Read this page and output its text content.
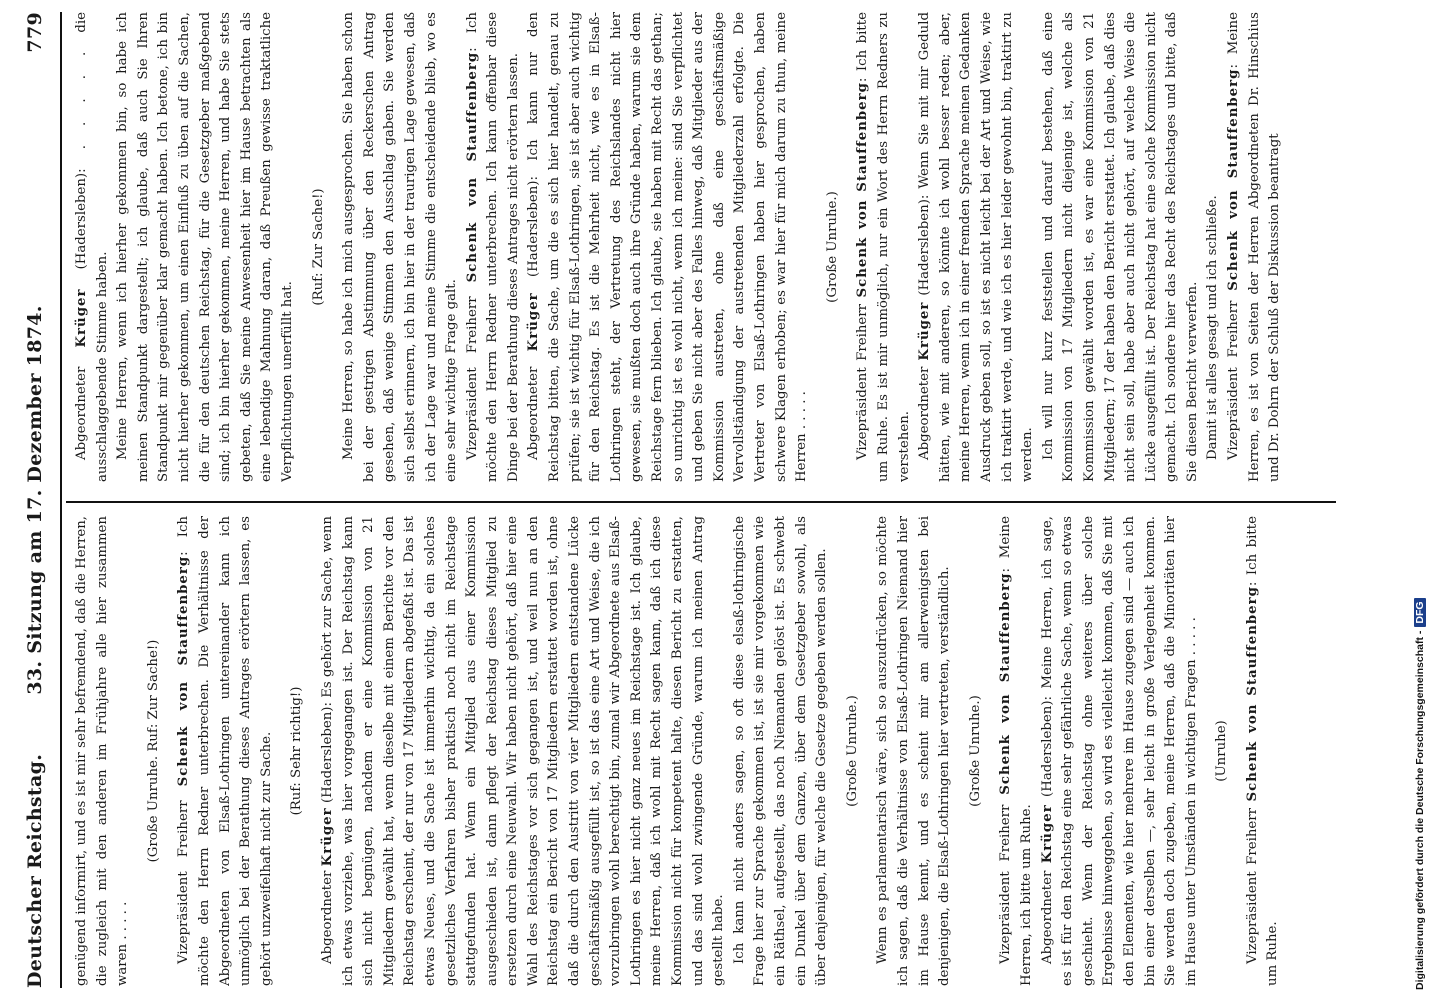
Deutscher Reichstag.
33. Sitzung am 17. Dezember 1874.
779

genügend informirt, und es ist mir sehr befremdend, daß die Herren, die zugleich mit den anderen im Frühjahre alle hier zusammen waren . . . . .

(Große Unruhe. Ruf: Zur Sache!)

Vizepräsident Freiherr Schenk von Stauffenberg: Ich möchte den Herrn Redner unterbrechen. Die Verhältnisse der Abgeordneten von Elsaß-Lothringen untereinander kann ich unmöglich bei der Berathung dieses Antrages erörtern lassen, es gehört unzweifelhaft nicht zur Sache. (Ruf: Sehr richtig!)

Abgeordneter Krüger (Hadersleben): Es gehört zur Sache, wenn ich etwas vorziehe, was hier vorgegangen ist. Der Reichstag kann sich nicht begnügen, nachdem er eine Kommission von 21 Mitgliedern gewählt hat, wenn dieselbe mit einem Berichte vor den Reichstag erscheint, der nur von 17 Mitgliedern abgefaßt ist. Das ist etwas Neues, und die Sache ist immerhin wichtig, da ein solches gesetzliches Verfahren bisher praktisch noch nicht im Reichstage stattgefunden hat. Wenn ein Mitglied aus einer Kommission ausgeschieden ist, dann pflegt der Reichstag dieses Mitglied zu ersetzen durch eine Neuwahl. Wir haben nicht gehört, daß hier eine Wahl des Reichstages vor sich gegangen ist, und weil nun an den Reichstag ein Bericht von 17 Mitgliedern erstattet worden ist, ohne daß die durch den Austritt von vier Mitgliedern entstandene Lücke geschäftsmäßig ausgefüllt ist, so ist das eine Art und Weise, die ich vorzubringen wohl berechtigt bin, zumal wir Abgeordnete aus Elsaß-Lothringen es hier nicht ganz neues im Reichstage ist. Ich glaube, meine Herren, daß ich wohl mit Recht sagen kann, daß ich diese Kommission nicht für kompetent halte, diesen Bericht zu erstatten, und das sind wohl zwingende Gründe, warum ich meinen Antrag gestellt habe. Ich kann nicht anders sagen, so oft diese elsaß-lothringische Frage hier zur Sprache gekommen ist, ist sie mir vorgekommen wie ein Räthsel, aufgestellt, das noch Niemanden gelöst ist. Es schwebt ein Dunkel über dem Ganzen, über dem Gesetzgeber sowohl, als über denjenigen, für welche die Gesetze gegeben werden sollen. (Große Unruhe.) Wenn es parlamentarisch wäre, sich so auszudrücken, so möchte ich sagen, daß die Verhältnisse von Elsaß-Lothringen Niemand hier im Hause kennt, und es scheint mir am allerwenigsten bei denjenigen, die Elsaß-Lothringen hier vertreten, verständlich. (Große Unruhe.)

Vizepräsident Freiherr Schenk von Stauffenberg: Meine Herren, ich bitte um Ruhe. Abgeordneter Krüger (Hadersleben): Meine Herren, ich sage, es ist für den Reichstag eine sehr gefährliche Sache, wenn so etwas geschieht. Wenn der Reichstag ohne weiteres über solche Ergebnisse hinweggehen, so wird es vielleicht kommen, daß Sie mit den Elementen, wie hier mehrere im Hause zugegen sind — auch ich bin einer derselben —, sehr leicht in große Verlegenheit kommen. Sie werden doch zugeben, meine Herren, daß die Minoritäten hier im Hause unter Umständen in wichtigen Fragen . . . . . (Unruhe)

Vizepräsident Freiherr Schenk von Stauffenberg: Ich bitte um Ruhe.

Abgeordneter Krüger (Hadersleben): . . . . . die ausschlaggebende Stimme haben. Meine Herren, wenn ich hierher gekommen bin, so habe ich meinen Standpunkt dargestellt; ich glaube, daß auch Sie Ihren Standpunkt mir gegenüber klar gemacht haben. Ich betone, ich bin nicht hierher gekommen, um einen Einfluß zu üben auf die Sachen, die für den deutschen Reichstag, für die Gesetzgeber maßgebend sind; ich bin hierher gekommen, meine Herren, und habe Sie stets gebeten, daß Sie meine Anwesenheit hier im Hause betrachten als eine lebendige Mahnung daran, daß Preußen gewisse traktatliche Verpflichtungen unerfüllt hat.

(Ruf: Zur Sache!) Meine Herren, so habe ich mich ausgesprochen. Sie haben schon bei der gestrigen Abstimmung über den Reckerschen Antrag gesehen, daß wenige Stimmen den Ausschlag gaben. Sie werden sich selbst erinnern, ich bin hier in der traurigen Lage gewesen, daß ich der Lage war und meine Stimme die entscheidende blieb, wo es eine sehr wichtige Frage galt. Vizepräsident Freiherr Schenk von Stauffenberg: Ich möchte den Herrn Redner unterbrechen. Ich kann offenbar diese Dinge bei der Berathung dieses Antrages nicht erörtern lassen. Abgeordneter Krüger (Hadersleben): Ich kann nur den Reichstag bitten, die Sache, um die es sich hier handelt, genau zu prüfen; sie ist wichtig für Elsaß-Lothringen, sie ist aber auch wichtig für den Reichstag. Es ist die Mehrheit nicht, wie es in Elsaß-Lothringen steht, der Vertretung des Reichslandes nicht hier gewesen, sie mußten doch auch ihre Gründe haben, warum sie dem Reichstage fern blieben. Ich glaube, sie haben mit Recht das gethan; so unrichtig ist es wohl nicht, wenn ich meine: sind Sie verpflichtet und geben Sie nicht aber des Falles hinweg, daß Mitglieder aus der Kommission austreten, ohne daß eine geschäftsmäßige Vervollständigung der austretenden Mitgliederzahl erfolgte. Die Vertreter von Elsaß-Lothringen haben hier gesprochen, haben schwere Klagen erhoben; es war hier für mich darum zu thun, meine Herren . . . . .

(Große Unruhe.)

Vizepräsident Freiherr Schenk von Stauffenberg: Ich bitte um Ruhe. Es ist mir unmöglich, nur ein Wort des Herrn Redners zu verstehen. Abgeordneter Krüger (Hadersleben): Wenn Sie mit mir Geduld hätten, wie mit anderen, so könnte ich wohl besser reden; aber, meine Herren, wenn ich in einer fremden Sprache meinen Gedanken Ausdruck geben soll, so ist es nicht leicht bei der Art und Weise, wie ich traktirt werde, und wie ich es hier leider gewohnt bin, traktirt zu werden. Ich will nur kurz feststellen und darauf bestehen, daß eine Kommission von 17 Mitgliedern nicht diejenige ist, welche als Kommission gewählt worden ist, es war eine Kommission von 21 Mitgliedern; 17 der haben den Bericht erstattet. Ich glaube, daß dies nicht sein soll, habe aber auch nicht gehört, auf welche Weise die Lücke ausgefüllt ist. Der Reichstag hat eine solche Kommission nicht gemacht. Ich sondere hier das Recht des Reichstages und bitte, daß Sie diesen Bericht verwerfen. Damit ist alles gesagt und ich schließe. Vizepräsident Freiherr Schenk von Stauffenberg: Meine Herren, es ist von Seiten der Herren Abgeordneten Dr. Hinschius und Dr. Dohrn der Schluß der Diskussion beantragt

Digitalisierung gefördert durch die Deutsche Forschungsgemeinschaft -DFG
